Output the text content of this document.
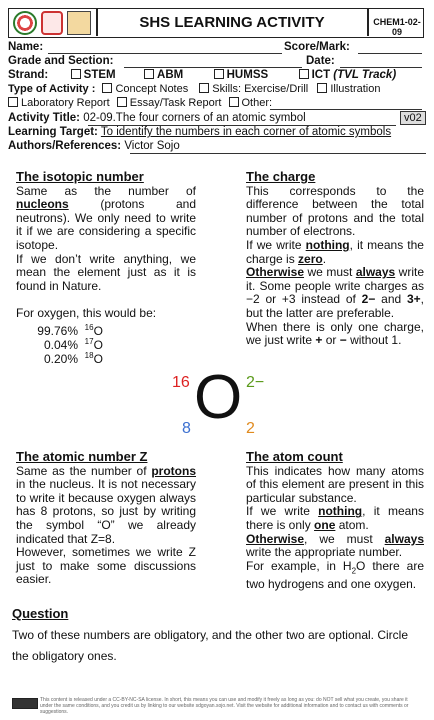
SHS LEARNING ACTIVITY	CHEM1-02-09
Name:	Score/Mark:
Grade and Section:	Date:
Strand:	STEM	ABM	HUMSS	ICT (TVL Track)
Type of Activity : Concept Notes Skills: Exercise/Drill Illustration
Laboratory Report Essay/Task Report Other:
Activity Title: 02-09.The four corners of an atomic symbol	v02
Learning Target: To identify the numbers in each corner of atomic symbols
Authors/References: Victor Sojo
The isotopic number

Same as the number of nucleons (protons and neutrons). We only need to write it if we are considering a specific isotope.

If we don’t write anything, we mean the element just as it is found in Nature.

For oxygen, this would be:

99.76% $^{16}$O
0.04% $^{17}$O
0.20% $^{18}$O
The charge

This corresponds to the difference between the total number of protons and the total number of electrons.

If we write nothing, it means the charge is zero.

Otherwise we must always write it. Some people write charges as −2 or +3 instead of 2− and 3+, but the latter are preferable.

When there is only one charge, we just write + or − without 1.

16 O 2−
8	2
The atomic number Z

Same as the number of protons in the nucleus. It is not necessary to write it because oxygen always has 8 protons, so just by writing the symbol “O” we already indicated that Z=8.

However, sometimes we write Z just to make some discussions easier.

The atom count

This indicates how many atoms of this element are present in this particular substance.

If we write nothing, it means there is only one atom.

Otherwise, we must always write the appropriate number.

For example, in $H_2O$ there are two hydrogens and one oxygen.

Question
Two of these numbers are obligatory, and the other two are optional. Circle the obligatory ones.
This content is released under a CC-BY-NC-SA license. In short, this means you can use and modify it freely as long as you: do NOT sell what you create, you share it under the same conditions, and you credit us by linking to our website sdgoyan.sojo.net. Visit the website for additional information and to contact us with comments or suggestions.
